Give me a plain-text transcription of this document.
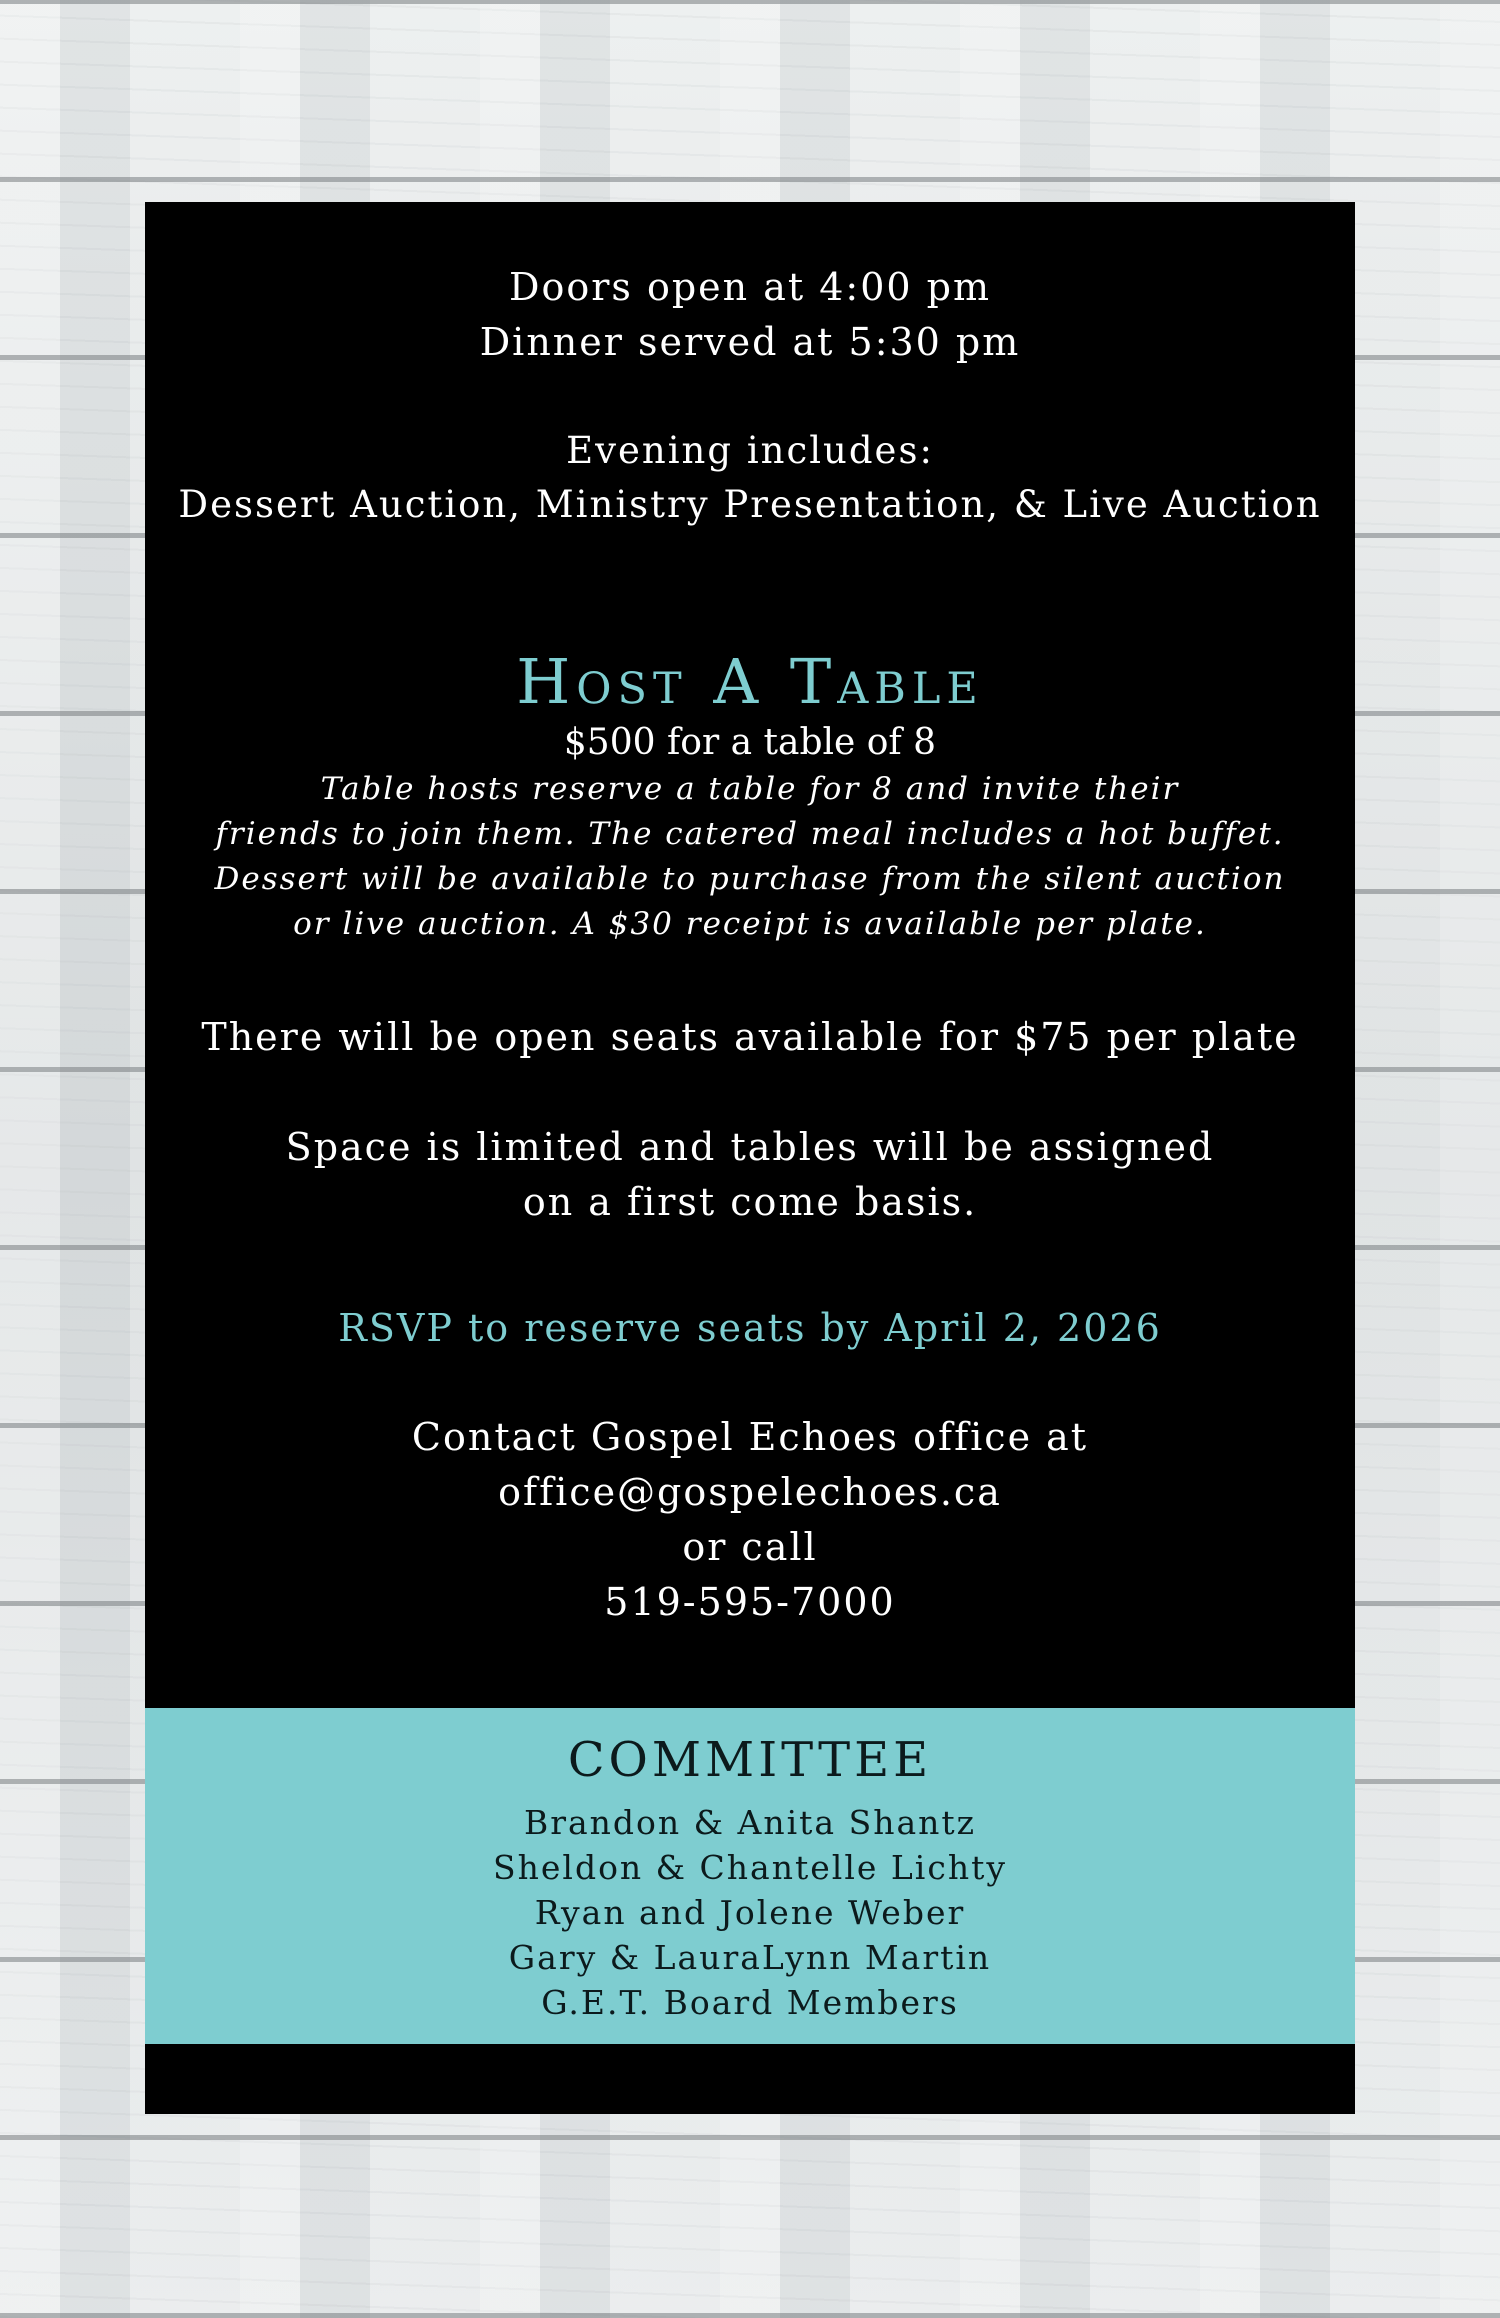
Doors open at 4:00 pm
Dinner served at 5:30 pm
Evening includes:
Dessert Auction, Ministry Presentation, & Live Auction
Host A Table
$500 for a table of 8
Table hosts reserve a table for 8 and invite their
friends to join them. The catered meal includes a hot buffet.
Dessert will be available to purchase from the silent auction
or live auction. A $30 receipt is available per plate.
There will be open seats available for $75 per plate
Space is limited and tables will be assigned
on a first come basis.
RSVP to reserve seats by April 2, 2026
Contact Gospel Echoes office at
office@gospelechoes.ca
or call
519-595-7000
COMMITTEE
Brandon & Anita Shantz
Sheldon & Chantelle Lichty
Ryan and Jolene Weber
Gary & LauraLynn Martin
G.E.T. Board Members
